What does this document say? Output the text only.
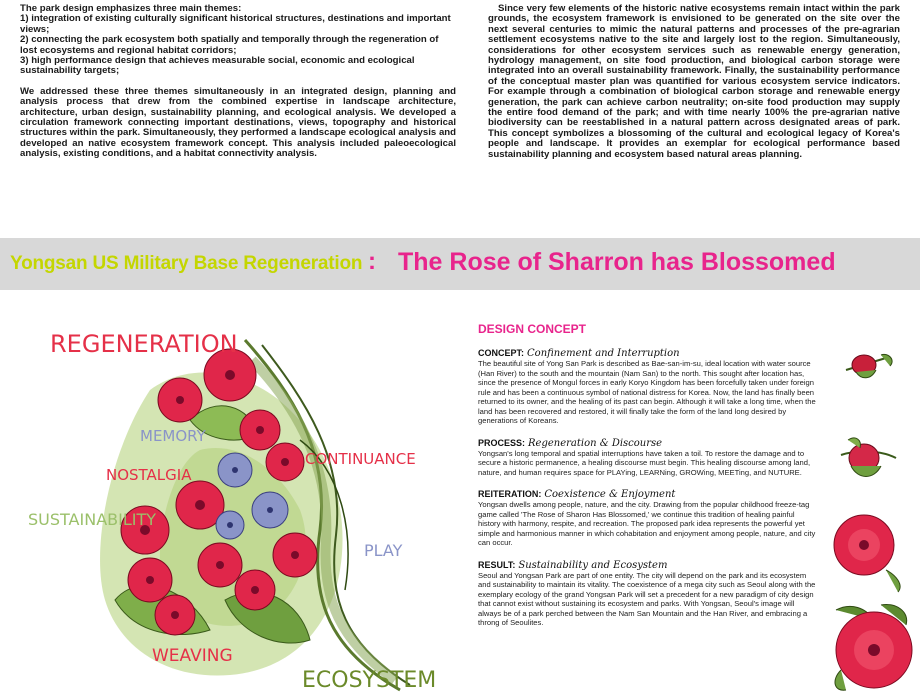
The park design emphasizes three main themes:

1) integration of existing culturally significant historical structures, destinations and important views;

2) connecting the park ecosystem both spatially and temporally through the regeneration of lost ecosystems and regional habitat corridors;

3) high performance design that achieves measurable social, economic and ecological sustainability targets;

We addressed these three themes simultaneously in an integrated design, planning and analysis process that drew from the combined expertise in landscape architecture, architecture, urban design, sustainability planning, and ecological analysis. We developed a circulation framework connecting important destinations, views, topography and historical structures within the park. Simultaneously, they performed a landscape ecological analysis and developed an native ecosystem framework concept. This analysis included paleoecological analysis, existing conditions, and a habitat connectivity analysis.

Since very few elements of the historic native ecosystems remain intact within the park grounds, the ecosystem framework is envisioned to be generated on the site over the next several centuries to mimic the natural patterns and processes of the pre-agrarian settlement ecosystems native to the site and largely lost to the region. Simultaneously, considerations for other ecosystem services such as renewable energy generation, hydrology management, on site food production, and biological carbon storage were integrated into an overall sustainability framework. Finally, the sustainability performance of the conceptual master plan was quantified for various ecosystem service indicators. For example through a combination of biological carbon storage and renewable energy generation, the park can achieve carbon neutrality; on-site food production may supply the entire food demand of the park; and with time nearly 100% the pre-agrarian native biodiversity can be reestablished in a natural pattern across designated areas of park. This concept symbolizes a blossoming of the cultural and ecological legacy of Korea's people and landscape. It provides an exemplar for ecological performance based sustainability planning and ecosystem based natural areas planning.

Yongsan US Military Base Regeneration : The Rose of Sharron has Blossomed
REGENERATION
MEMORY
CONTINUANCE
NOSTALGIA
SUSTAINABILITY
PLAY
WEAVING
ECOSYSTEM
DESIGN CONCEPT
CONCEPT: Confinement and Interruption
The beautiful site of Yong San Park is described as Bae-san-im-su, ideal location with water source (Han River) to the south and the mountain (Nam San) to the north. This sought after location has, since the presence of Mongul forces in early Koryo Kingdom has been forcefully taken under foreign rule and has been a continuous symbol of national distress for Korea. Now, the land has finally been returned to its owner, and the healing of its past can begin. Although it will take a long time, when the land has been recovered and restored, it will finally take the form of the land long desired by generations of Koreans.
PROCESS: Regeneration & Discourse
Yongsan's long temporal and spatial interruptions have taken a toil. To restore the damage and to secure a historic permanence, a healing discourse must begin. This healing discourse among land, nature, and human requires space for PLAYing, LEARNing, GROWing, MEETing, and NUTURE.
REITERATION: Coexistence & Enjoyment
Yongsan dwells among people, nature, and the city. Drawing from the popular childhood freeze-tag game called 'The Rose of Sharon Has Blossomed,' we continue this tradition of healing painful history with harmony, respite, and recreation. The proposed park idea represents the powerful yet simple and harmonious manner in which cohabitation and enjoyment among people, nature, and city can occur.
RESULT: Sustainability and Ecosystem
Seoul and Yongsan Park are part of one entity. The city will depend on the park and its ecosystem and sustainability to maintain its vitality. The coexistence of a mega city such as Seoul along with the exemplary ecology of the grand Yongsan Park will set a precedent for a new paradigm of city design that cannot exist without sustaining its ecosystem and parks. With Yongsan, Seoul's image will always be of a park perched between the Nam San Mountain and the Han River, and embracing a throng of Seoulites.
